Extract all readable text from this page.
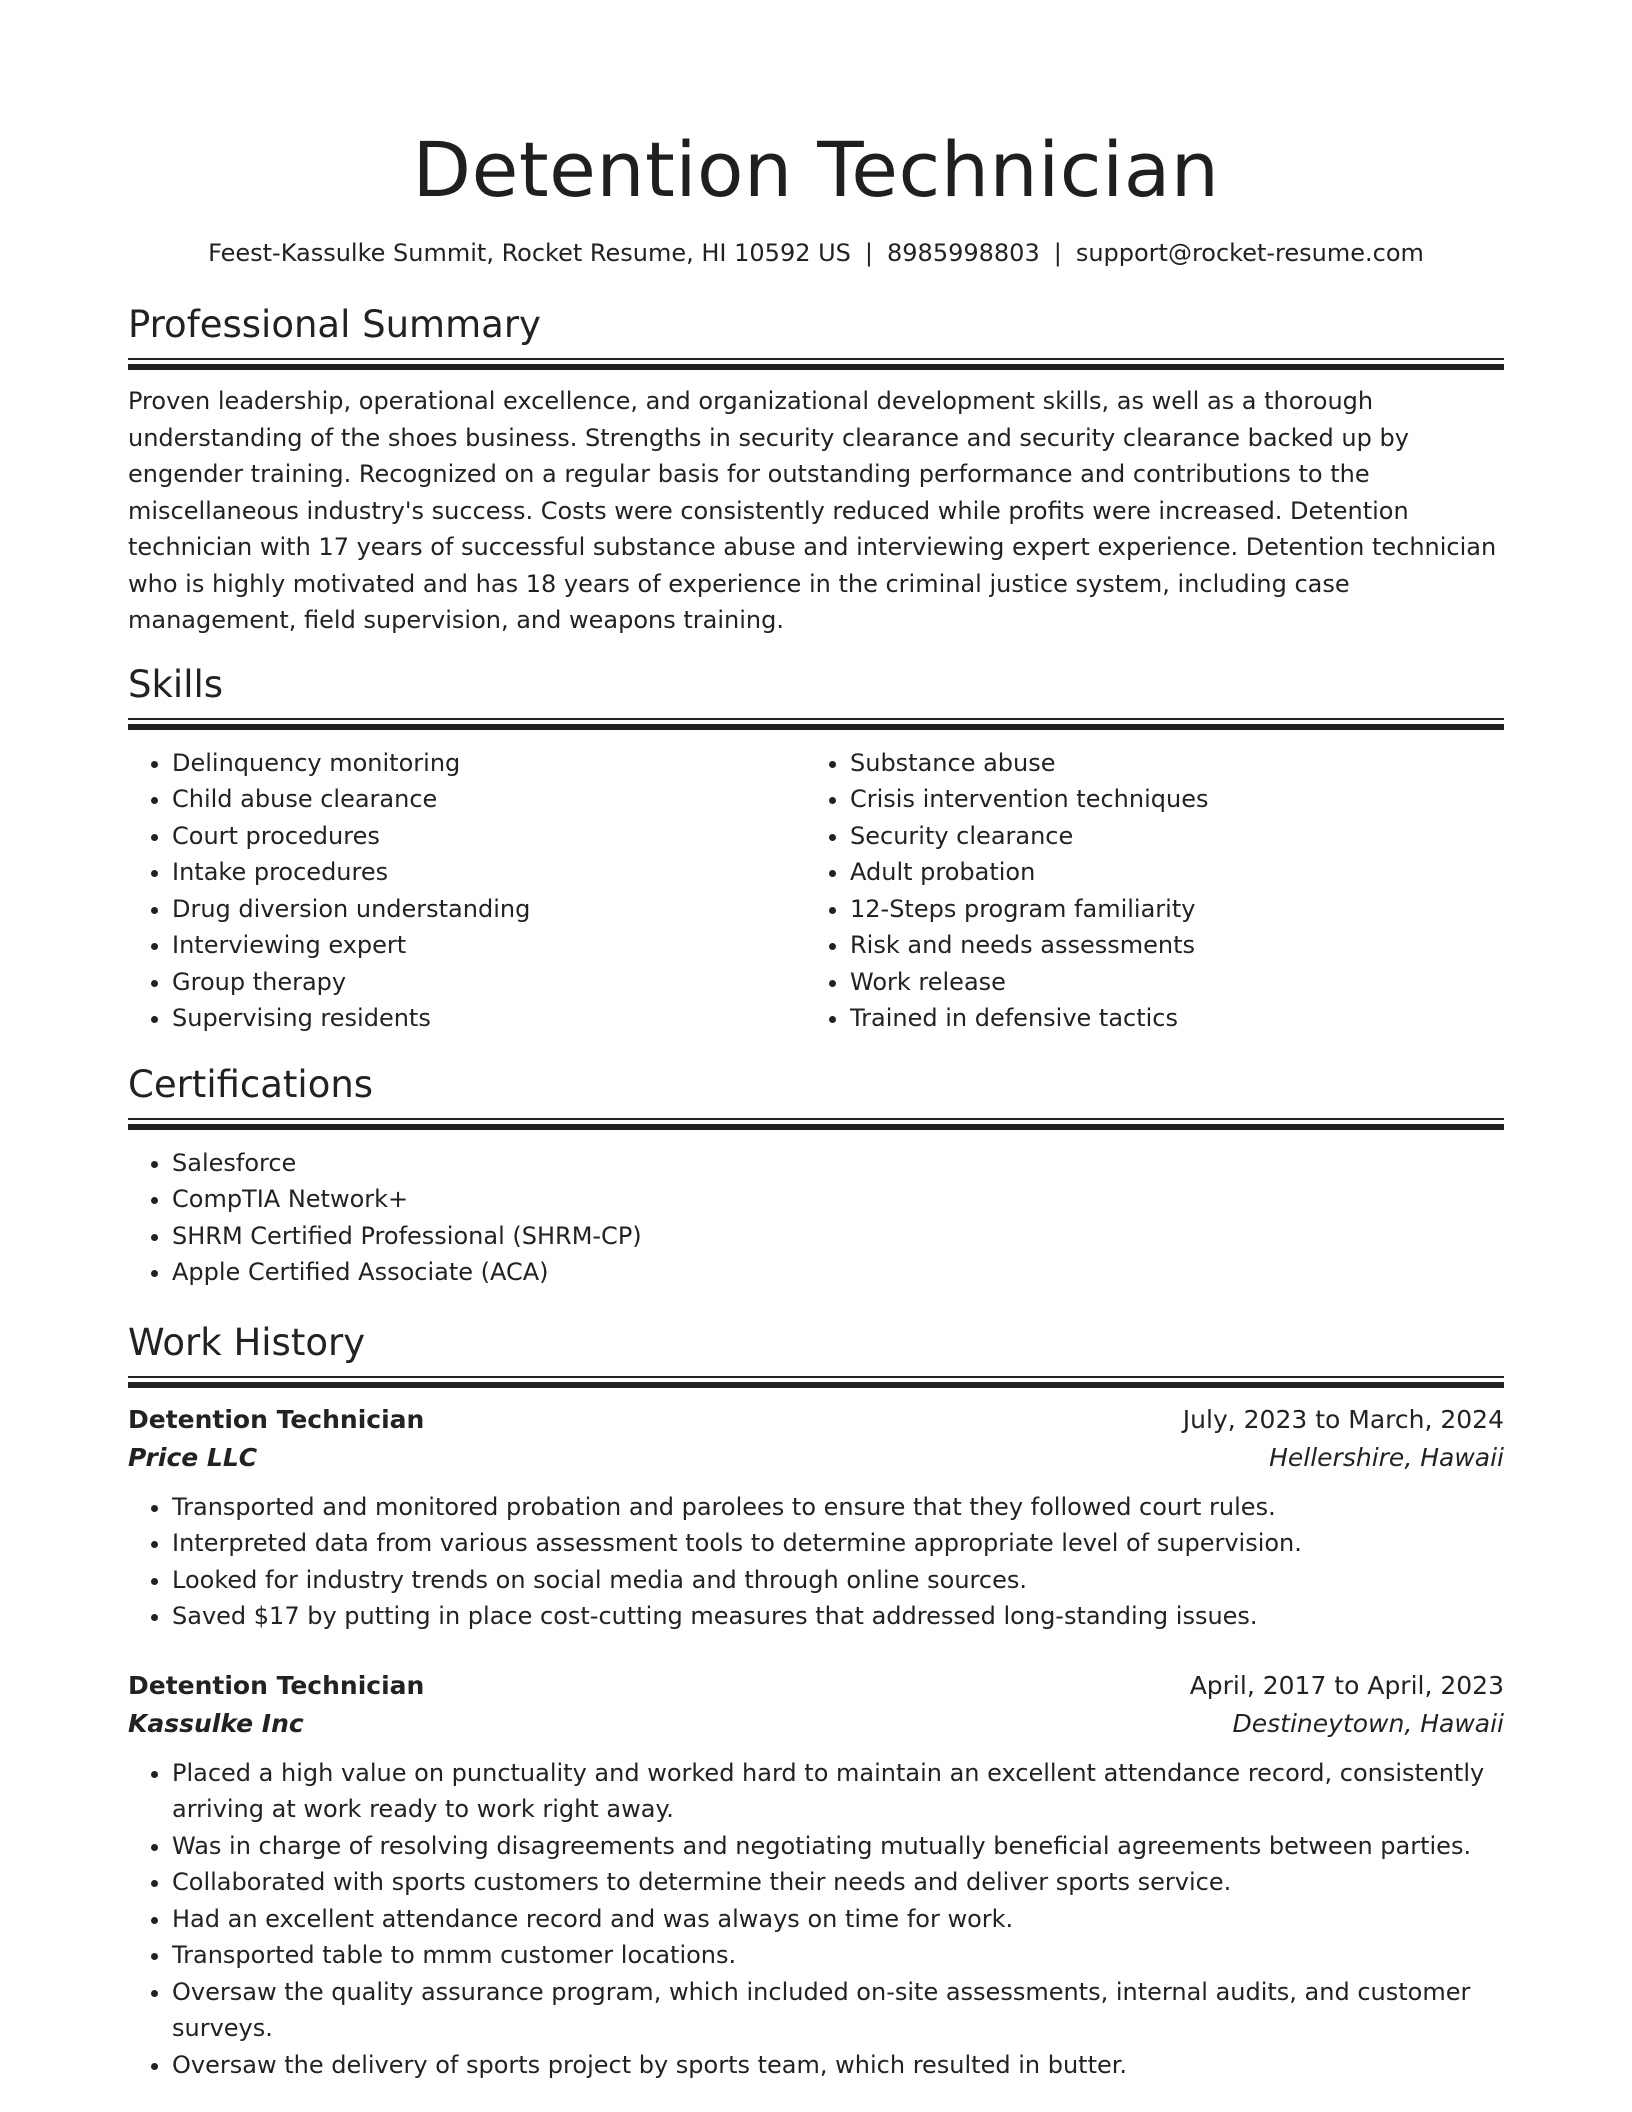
Detention Technician
Feest-Kassulke Summit, Rocket Resume, HI 10592 US | 8985998803 | support@rocket-resume.com
Professional Summary

Proven leadership, operational excellence, and organizational development skills, as well as a thorough understanding of the shoes business. Strengths in security clearance and security clearance backed up by engender training. Recognized on a regular basis for outstanding performance and contributions to the miscellaneous industry's success. Costs were consistently reduced while profits were increased. Detention technician with 17 years of successful substance abuse and interviewing expert experience. Detention technician who is highly motivated and has 18 years of experience in the criminal justice system, including case management, field supervision, and weapons training.

Skills
• Delinquency monitoring
• Child abuse clearance
• Court procedures
• Intake procedures
• Drug diversion understanding
• Interviewing expert
• Group therapy
• Supervising residents
• Substance abuse
• Crisis intervention techniques
• Security clearance
• Adult probation
• 12-Steps program familiarity
• Risk and needs assessments
• Work release
• Trained in defensive tactics
Certifications
• Salesforce
• CompTIA Network+
• SHRM Certified Professional (SHRM-CP)
• Apple Certified Associate (ACA)
Work History
Detention Technician	July, 2023 to March, 2024
Price LLC	Hellershire, Hawaii
• Transported and monitored probation and parolees to ensure that they followed court rules.
• Interpreted data from various assessment tools to determine appropriate level of supervision.
• Looked for industry trends on social media and through online sources.
• Saved $17 by putting in place cost-cutting measures that addressed long-standing issues.
Detention Technician	April, 2017 to April, 2023
Kassulke Inc	Destineytown, Hawaii
• Placed a high value on punctuality and worked hard to maintain an excellent attendance record, consistently arriving at work ready to work right away.
• Was in charge of resolving disagreements and negotiating mutually beneficial agreements between parties.
• Collaborated with sports customers to determine their needs and deliver sports service.
• Had an excellent attendance record and was always on time for work.
• Transported table to mmm customer locations.
• Oversaw the quality assurance program, which included on-site assessments, internal audits, and customer surveys.
• Oversaw the delivery of sports project by sports team, which resulted in butter.
